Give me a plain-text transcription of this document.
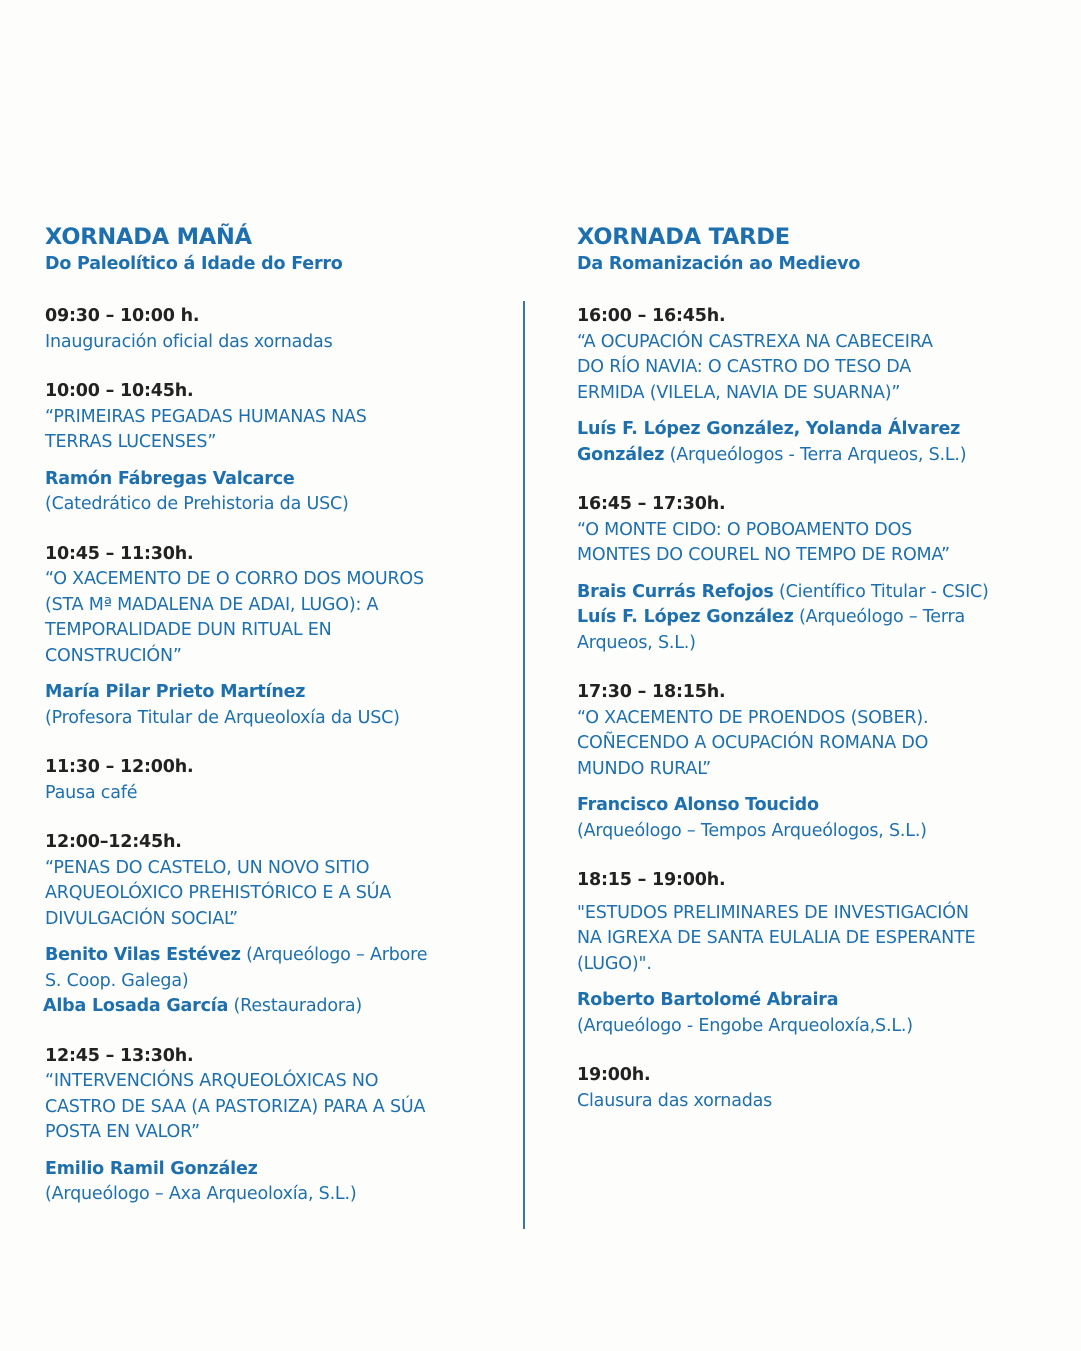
XORNADA MAÑÁ
Do Paleolítico á Idade do Ferro
09:30 – 10:00 h.
Inauguración oficial das xornadas
10:00 – 10:45h.
“PRIMEIRAS PEGADAS HUMANAS NAS
TERRAS LUCENSES”
Ramón Fábregas Valcarce
(Catedrático de Prehistoria da USC)
10:45 – 11:30h.
“O XACEMENTO DE O CORRO DOS MOUROS
(STA Mª MADALENA DE ADAI, LUGO): A
TEMPORALIDADE DUN RITUAL EN
CONSTRUCIÓN”
María Pilar Prieto Martínez
(Profesora Titular de Arqueoloxía da USC)
11:30 – 12:00h.
Pausa café
12:00–12:45h.
“PENAS DO CASTELO, UN NOVO SITIO
ARQUEOLÓXICO PREHISTÓRICO E A SÚA
DIVULGACIÓN SOCIAL”
Benito Vilas Estévez (Arqueólogo – Arbore
S. Coop. Galega)
Alba Losada García (Restauradora)
12:45 – 13:30h.
“INTERVENCIÓNS ARQUEOLÓXICAS NO
CASTRO DE SAA (A PASTORIZA) PARA A SÚA
POSTA EN VALOR”
Emilio Ramil González
(Arqueólogo – Axa Arqueoloxía, S.L.)
XORNADA TARDE
Da Romanización ao Medievo
16:00 – 16:45h.
“A OCUPACIÓN CASTREXA NA CABECEIRA
DO RÍO NAVIA: O CASTRO DO TESO DA
ERMIDA (VILELA, NAVIA DE SUARNA)”
Luís F. López González, Yolanda Álvarez
González (Arqueólogos - Terra Arqueos, S.L.)
16:45 – 17:30h.
“O MONTE CIDO: O POBOAMENTO DOS
MONTES DO COUREL NO TEMPO DE ROMA”
Brais Currás Refojos (Científico Titular - CSIC)
Luís F. López González (Arqueólogo – Terra
Arqueos, S.L.)
17:30 – 18:15h.
“O XACEMENTO DE PROENDOS (SOBER).
COÑECENDO A OCUPACIÓN ROMANA DO
MUNDO RURAL”
Francisco Alonso Toucido
(Arqueólogo – Tempos Arqueólogos, S.L.)
18:15 – 19:00h.
"ESTUDOS PRELIMINARES DE INVESTIGACIÓN
NA IGREXA DE SANTA EULALIA DE ESPERANTE
(LUGO)".
Roberto Bartolomé Abraira
(Arqueólogo - Engobe Arqueoloxía,S.L.)
19:00h.
Clausura das xornadas
